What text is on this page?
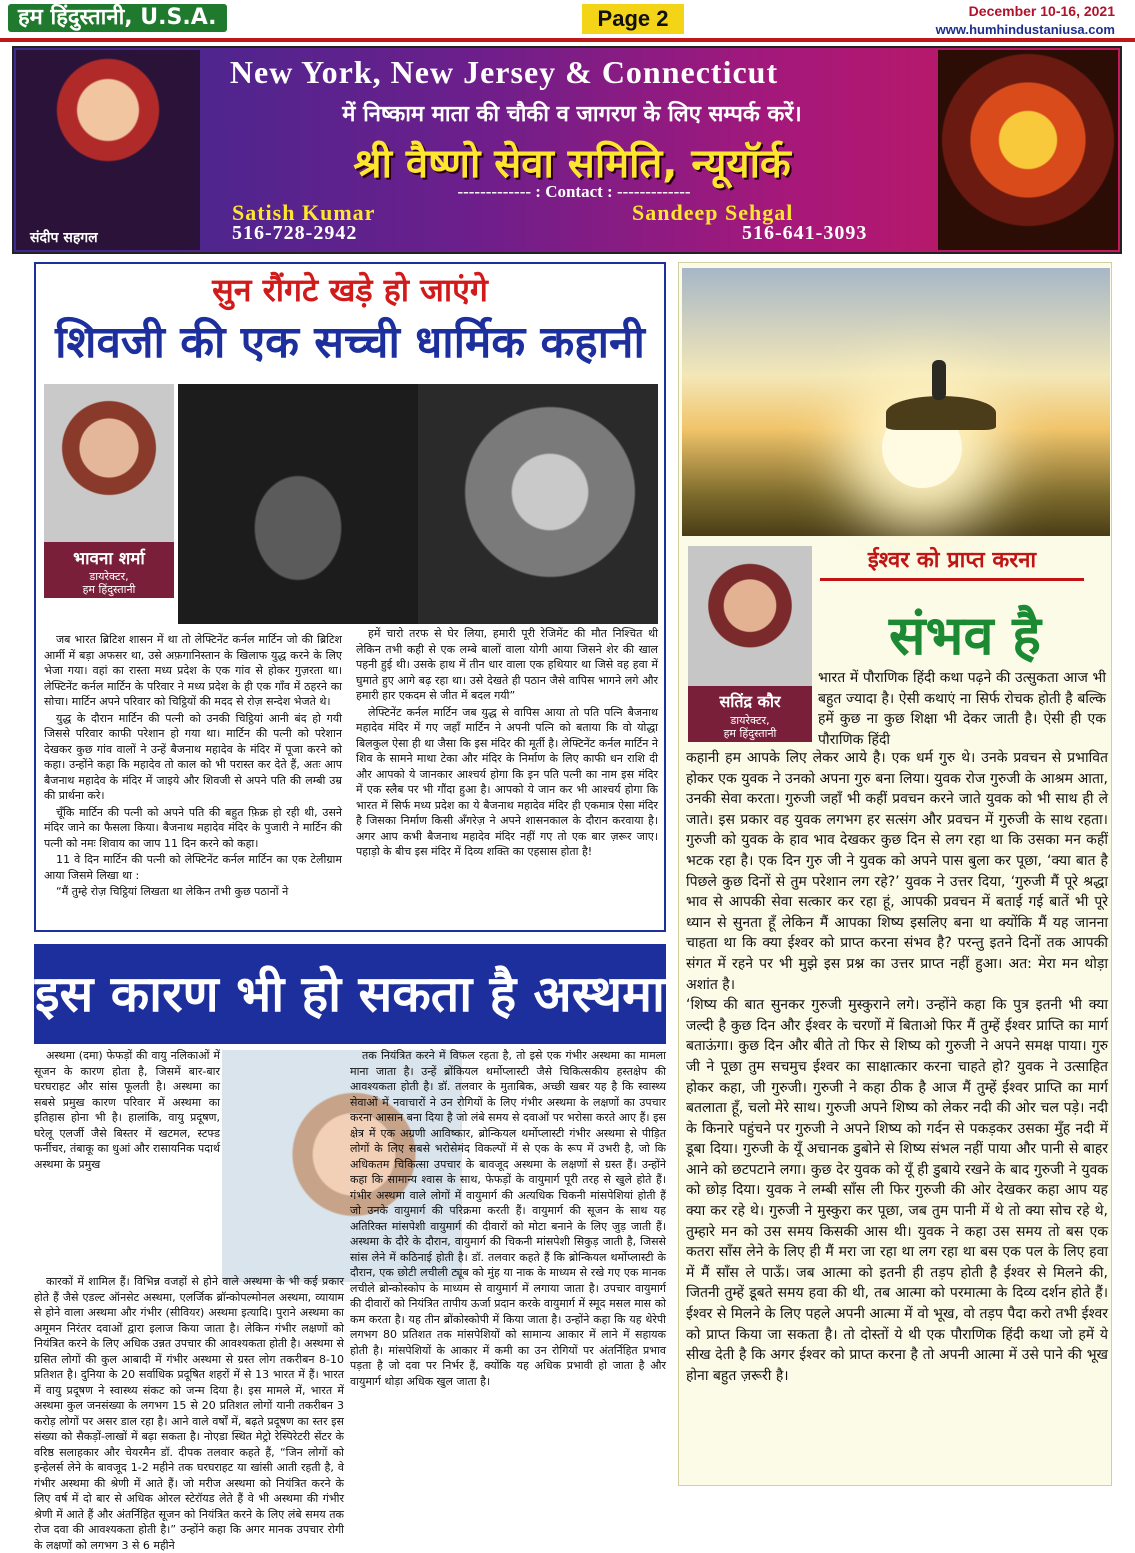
हम हिंदुस्तानी, U.S.A.	Page 2	December 10-16, 2021
www.humhindustaniusa.com
संदीप सहगल
New York, New Jersey & Connecticut
में निष्काम माता की चौकी व जागरण के लिए सम्पर्क करें।
श्री वैष्णो सेवा समिति, न्यूयॉर्क
------------- : Contact : -------------
Satish Kumar
516-728-2942
Sandeep Sehgal
516-641-3093
सुन रौंगटे खड़े हो जाएंगे
शिवजी की एक सच्ची धार्मिक कहानी
भावना शर्मा
डायरेक्टर,
हम हिंदुस्तानी

जब भारत ब्रिटिश शासन में था तो लेफ्टिनेंट कर्नल मार्टिन जो की ब्रिटिश आर्मी में बड़ा अफसर था, उसे अफ़गानिस्तान के खिलाफ युद्ध करने के लिए भेजा गया। वहां का रास्ता मध्य प्रदेश के एक गांव से होकर गुज़रता था। लेफ्टिनेंट कर्नल मार्टिन के परिवार ने मध्य प्रदेश के ही एक गाँव में ठहरने का सोचा। मार्टिन अपने परिवार को चिट्ठियों की मदद से रोज़ सन्देश भेजते थे।

युद्ध के दौरान मार्टिन की पत्नी को उनकी चिट्ठियां आनी बंद हो गयी जिससे परिवार काफी परेशान हो गया था। मार्टिन की पत्नी को परेशान देखकर कुछ गांव वालों ने उन्हें बैजनाथ महादेव के मंदिर में पूजा करने को कहा। उन्होंने कहा कि महादेव तो काल को भी परास्त कर देते हैं, अतः आप बैजनाथ महादेव के मंदिर में जाइये और शिवजी से अपने पति की लम्बी उम्र की प्रार्थना करे।

चूँकि मार्टिन की पत्नी को अपने पति की बहुत फ़िक्र हो रही थी, उसने मंदिर जाने का फैसला किया। बैजनाथ महादेव मंदिर के पुजारी ने मार्टिन की पत्नी को नमः शिवाय का जाप 11 दिन करने को कहा।

11 वे दिन मार्टिन की पत्नी को लेफ्टिनेंट कर्नल मार्टिन का एक टेलीग्राम आया जिसमे लिखा था :

“मैं तुम्हे रोज़ चिट्ठियां लिखता था लेकिन तभी कुछ पठानों ने

हमें चारो तरफ से घेर लिया, हमारी पूरी रेजिमेंट की मौत निश्चित थी लेकिन तभी कही से एक लम्बे बालों वाला योगी आया जिसने शेर की खाल पहनी हुई थी। उसके हाथ में तीन धार वाला एक हथियार था जिसे वह हवा में घुमाते हुए आगे बढ़ रहा था। उसे देखते ही पठान जैसे वापिस भागने लगे और हमारी हार एकदम से जीत में बदल गयी”

लेफ्टिनेंट कर्नल मार्टिन जब युद्ध से वापिस आया तो पति पत्नि बैजनाथ महादेव मंदिर में गए जहाँ मार्टिन ने अपनी पत्नि को बताया कि वो योद्धा बिलकुल ऐसा ही था जैसा कि इस मंदिर की मूर्ती है। लेफ्टिनेंट कर्नल मार्टिन ने शिव के सामने माथा टेका और मंदिर के निर्माण के लिए काफी धन राशि दी और आपको ये जानकार आश्चर्य होगा कि इन पति पत्नी का नाम इस मंदिर में एक स्लैब पर भी गौंदा हुआ है। आपको ये जान कर भी आश्चर्य होगा कि भारत में सिर्फ मध्य प्रदेश का ये बैजनाथ महादेव मंदिर ही एकमात्र ऐसा मंदिर है जिसका निर्माण किसी अँगरेज़ ने अपने शासनकाल के दौरान करवाया है। अगर आप कभी बैजनाथ महादेव मंदिर नहीं गए तो एक बार ज़रूर जाए। पहाड़ो के बीच इस मंदिर में दिव्य शक्ति का एहसास होता है!

इस कारण भी हो सकता है अस्थमा

अस्थमा (दमा) फेफड़ों की वायु नलिकाओं में सूजन के कारण होता है, जिसमें बार-बार घरघराहट और सांस फूलती है। अस्थमा का सबसे प्रमुख कारण परिवार में अस्थमा का इतिहास होना भी है। हालांकि, वायु प्रदूषण, घरेलू एलर्जी जैसे बिस्तर में खटमल, स्टफ्ड फर्नीचर, तंबाकू का धुआं और रासायनिक पदार्थ अस्थमा के प्रमुख

कारकों में शामिल हैं। विभिन्न वजहों से होने वाले अस्थमा के भी कई प्रकार होते हैं जैसे एडल्ट ऑनसेट अस्थमा, एलर्जिक ब्रॉन्कोपल्मोनल अस्थमा, व्यायाम से होने वाला अस्थमा और गंभीर (सीवियर) अस्थमा इत्यादि। पुराने अस्थमा का अमूमन निरंतर दवाओं द्वारा इलाज किया जाता है। लेकिन गंभीर लक्षणों को नियंत्रित करने के लिए अधिक उन्नत उपचार की आवश्यकता होती है। अस्थमा से ग्रसित लोगों की कुल आबादी में गंभीर अस्थमा से ग्रस्त लोग तकरीबन 8-10 प्रतिशत है। दुनिया के 20 सर्वाधिक प्रदूषित शहरों में से 13 भारत में हैं। भारत में वायु प्रदूषण ने स्वास्थ्य संकट को जन्म दिया है। इस मामले में, भारत में अस्थमा कुल जनसंख्या के लगभग 15 से 20 प्रतिशत लोगों यानी तकरीबन 3 करोड़ लोगों पर असर डाल रहा है। आने वाले वर्षों में, बढ़ते प्रदूषण का स्तर इस संख्या को सैकड़ों-लाखों में बढ़ा सकता है। नोएडा स्थित मेट्रो रेस्पिरेटरी सेंटर के वरिष्ठ सलाहकार और चेयरमैन डॉ. दीपक तलवार कहते हैं, “जिन लोगों को इन्हेलर्स लेने के बावजूद 1-2 महीने तक घरघराहट या खांसी आती रहती है, वे गंभीर अस्थमा की श्रेणी में आते हैं। जो मरीज अस्थमा को नियंत्रित करने के लिए वर्ष में दो बार से अधिक ओरल स्टेरॉयड लेते हैं वे भी अस्थमा की गंभीर श्रेणी में आते हैं और अंतर्निहित सूजन को नियंत्रित करने के लिए लंबे समय तक रोज दवा की आवश्यकता होती है।” उन्होंने कहा कि अगर मानक उपचार रोगी के लक्षणों को लगभग 3 से 6 महीने

तक नियंत्रित करने में विफल रहता है, तो इसे एक गंभीर अस्थमा का मामला माना जाता है। उन्हें ब्रोंकियल थर्मोप्लास्टी जैसे चिकित्सकीय हस्तक्षेप की आवश्यकता होती है। डॉ. तलवार के मुताबिक, अच्छी खबर यह है कि स्वास्थ्य सेवाओं में नवाचारों ने उन रोगियों के लिए गंभीर अस्थमा के लक्षणों का उपचार करना आसान बना दिया है जो लंबे समय से दवाओं पर भरोसा करते आए हैं। इस क्षेत्र में एक अग्रणी आविष्कार, ब्रोन्कियल थर्मोप्लास्टी गंभीर अस्थमा से पीड़ित लोगों के लिए सबसे भरोसेमंद विकल्पों में से एक के रूप में उभरी है, जो कि अधिकतम चिकित्सा उपचार के बावजूद अस्थमा के लक्षणों से ग्रस्त हैं। उन्होंने कहा कि सामान्य श्वास के साथ, फेफड़ों के वायुमार्ग पूरी तरह से खुले होते हैं। गंभीर अस्थमा वाले लोगों में वायुमार्ग की अत्यधिक चिकनी मांसपेशियां होती हैं जो उनके वायुमार्ग की परिक्रमा करती हैं। वायुमार्ग की सूजन के साथ यह अतिरिक्त मांसपेशी वायुमार्ग की दीवारों को मोटा बनाने के लिए जुड़ जाती हैं। अस्थमा के दौरे के दौरान, वायुमार्ग की चिकनी मांसपेशी सिकुड़ जाती है, जिससे सांस लेने में कठिनाई होती है। डॉ. तलवार कहते हैं कि ब्रोन्कियल थर्मोप्लास्टी के दौरान, एक छोटी लचीली ट्यूब को मुंह या नाक के माध्यम से रखे गए एक मानक लचीले ब्रोन्कोस्कोप के माध्यम से वायुमार्ग में लगाया जाता है। उपचार वायुमार्ग की दीवारों को नियंत्रित तापीय ऊर्जा प्रदान करके वायुमार्ग में स्मूद मसल मास को कम करता है। यह तीन ब्रोंकोस्कोपी में किया जाता है। उन्होंने कहा कि यह थेरेपी लगभग 80 प्रतिशत तक मांसपेशियों को सामान्य आकार में लाने में सहायक होती है। मांसपेशियों के आकार में कमी का उन रोगियों पर अंतर्निहित प्रभाव पड़ता है जो दवा पर निर्भर हैं, क्योंकि यह अधिक प्रभावी हो जाता है और वायुमार्ग थोड़ा अधिक खुल जाता है।

सतिंद्र कौर
डायरेक्टर,
हम हिंदुस्तानी
ईश्वर को प्राप्त करना
संभव है

भारत में पौराणिक हिंदी कथा पढ़ने की उत्सुकता आज भी बहुत ज्यादा है। ऐसी कथाएं ना सिर्फ रोचक होती है बल्कि हमें कुछ ना कुछ शिक्षा भी देकर जाती है। ऐसी ही एक पौराणिक हिंदी

कहानी हम आपके लिए लेकर आये है। एक धर्म गुरु थे। उनके प्रवचन से प्रभावित होकर एक युवक ने उनको अपना गुरु बना लिया। युवक रोज गुरुजी के आश्रम आता, उनकी सेवा करता। गुरुजी जहाँ भी कहीं प्रवचन करने जाते युवक को भी साथ ही ले जाते। इस प्रकार वह युवक लगभग हर सत्संग और प्रवचन में गुरुजी के साथ रहता। गुरुजी को युवक के हाव भाव देखकर कुछ दिन से लग रहा था कि उसका मन कहीं भटक रहा है। एक दिन गुरु जी ने युवक को अपने पास बुला कर पूछा, ‘क्या बात है पिछले कुछ दिनों से तुम परेशान लग रहे?’ युवक ने उत्तर दिया, ‘गुरुजी मैं पूरे श्रद्धा भाव से आपकी सेवा सत्कार कर रहा हूं, आपकी प्रवचन में बताई गई बातें भी पूरे ध्यान से सुनता हूँ लेकिन मैं आपका शिष्य इसलिए बना था क्योंकि मैं यह जानना चाहता था कि क्या ईश्वर को प्राप्त करना संभव है? परन्तु इतने दिनों तक आपकी संगत में रहने पर भी मुझे इस प्रश्न का उत्तर प्राप्त नहीं हुआ। अत: मेरा मन थोड़ा अशांत है।

‘शिष्य की बात सुनकर गुरुजी मुस्कुराने लगे। उन्होंने कहा कि पुत्र इतनी भी क्या जल्दी है कुछ दिन और ईश्वर के चरणों में बिताओ फिर मैं तुम्हें ईश्वर प्राप्ति का मार्ग बताऊंगा। कुछ दिन और बीते तो फिर से शिष्य को गुरुजी ने अपने समक्ष पाया। गुरु जी ने पूछा तुम सचमुच ईश्वर का साक्षात्कार करना चाहते हो? युवक ने उत्साहित होकर कहा, जी गुरुजी। गुरुजी ने कहा ठीक है आज मैं तुम्हें ईश्वर प्राप्ति का मार्ग बतलाता हूँ, चलो मेरे साथ। गुरुजी अपने शिष्य को लेकर नदी की ओर चल पड़े। नदी के किनारे पहुंचने पर गुरुजी ने अपने शिष्य को गर्दन से पकड़कर उसका मुँह नदी में डूबा दिया। गुरुजी के यूँ अचानक डुबोने से शिष्य संभल नहीं पाया और पानी से बाहर आने को छटपटाने लगा। कुछ देर युवक को यूँ ही डुबाये रखने के बाद गुरुजी ने युवक को छोड़ दिया। युवक ने लम्बी साँस ली फिर गुरुजी की ओर देखकर कहा आप यह क्या कर रहे थे। गुरुजी ने मुस्कुरा कर पूछा, जब तुम पानी में थे तो क्या सोच रहे थे, तुम्हारे मन को उस समय किसकी आस थी। युवक ने कहा उस समय तो बस एक कतरा साँस लेने के लिए ही मैं मरा जा रहा था लग रहा था बस एक पल के लिए हवा में मैं साँस ले पाऊँ। जब आत्मा को इतनी ही तड़प होती है ईश्वर से मिलने की, जितनी तुम्हें डूबते समय हवा की थी, तब आत्मा को परमात्मा के दिव्य दर्शन होते हैं। ईश्वर से मिलने के लिए पहले अपनी आत्मा में वो भूख, वो तड़प पैदा करो तभी ईश्वर को प्राप्त किया जा सकता है। तो दोस्तों ये थी एक पौराणिक हिंदी कथा जो हमें ये सीख देती है कि अगर ईश्वर को प्राप्त करना है तो अपनी आत्मा में उसे पाने की भूख होना बहुत ज़रूरी है।
